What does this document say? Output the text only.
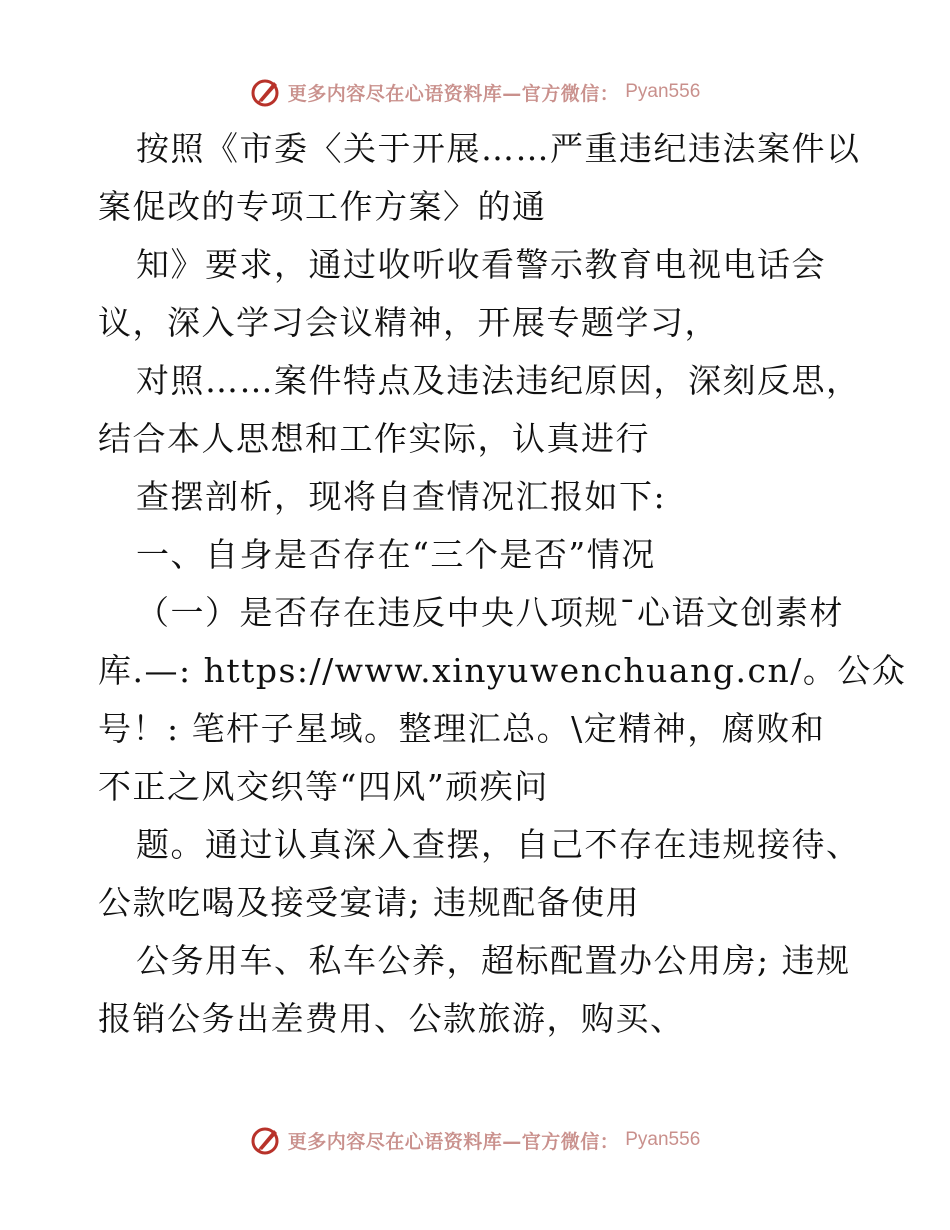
更多内容尽在心语资料库—官方微信： Pyan556

按照《市委〈关于开展……严重违纪违法案件以
案促改的专项工作方案〉的通

知》要求，通过收听收看警示教育电视电话会
议，深入学习会议精神，开展专题学习，

对照……案件特点及违法违纪原因，深刻反思，
结合本人思想和工作实际，认真进行

查摆剖析，现将自查情况汇报如下:

一、自身是否存在“三个是否”情况

（一）是否存在违反中央八项规¯心语文创素材
库.—: https://www.xinyuwenchuang.cn/。公众
号！: 笔杆子星域。整理汇总。\定精神，腐败和
不正之风交织等“四风”顽疾问

题。通过认真深入查摆，自己不存在违规接待、
公款吃喝及接受宴请; 违规配备使用

公务用车、私车公养，超标配置办公用房; 违规
报销公务出差费用、公款旅游，购买、

更多内容尽在心语资料库—官方微信： Pyan556
